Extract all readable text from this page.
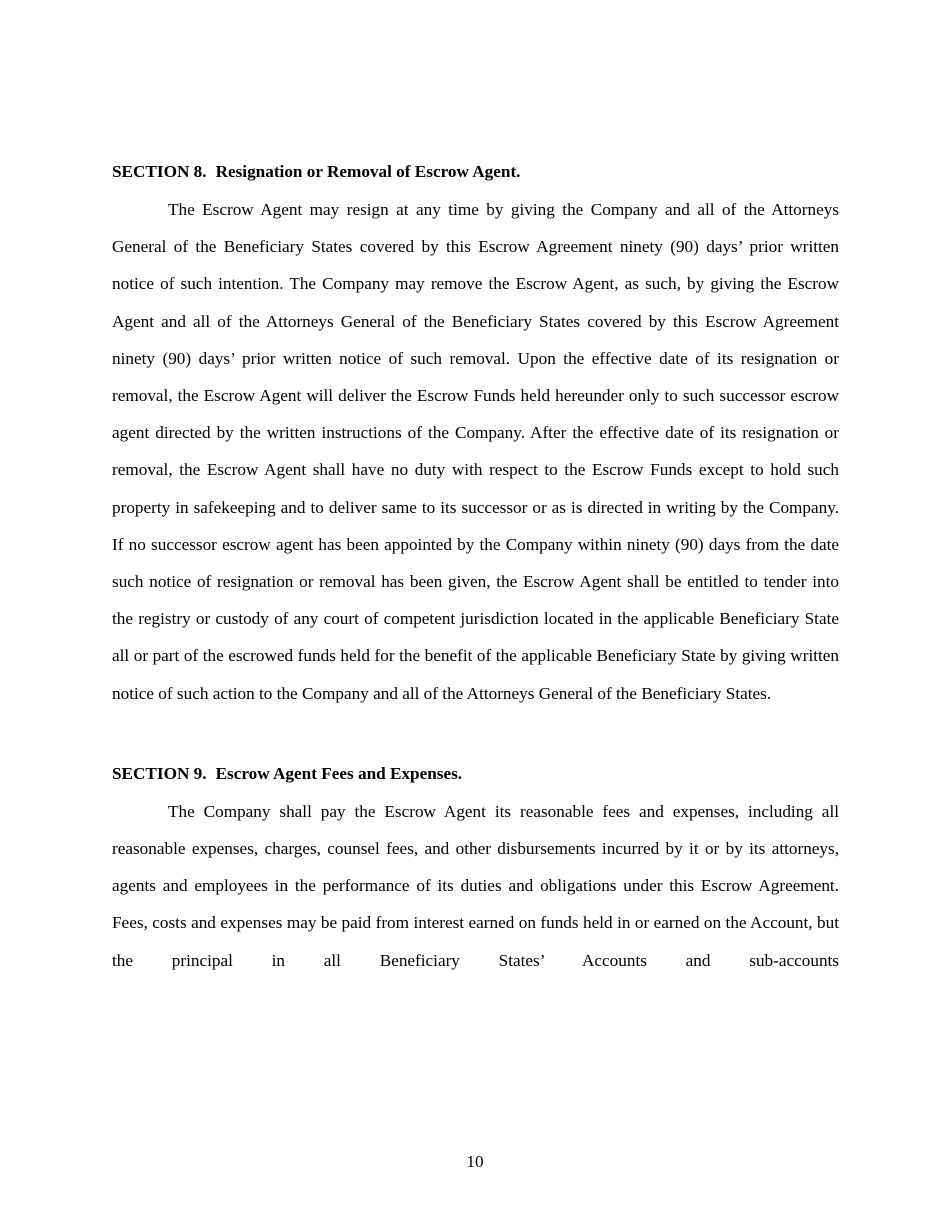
SECTION 8. Resignation or Removal of Escrow Agent.

The Escrow Agent may resign at any time by giving the Company and all of the Attorneys General of the Beneficiary States covered by this Escrow Agreement ninety (90) days’ prior written notice of such intention. The Company may remove the Escrow Agent, as such, by giving the Escrow Agent and all of the Attorneys General of the Beneficiary States covered by this Escrow Agreement ninety (90) days’ prior written notice of such removal. Upon the effective date of its resignation or removal, the Escrow Agent will deliver the Escrow Funds held hereunder only to such successor escrow agent directed by the written instructions of the Company. After the effective date of its resignation or removal, the Escrow Agent shall have no duty with respect to the Escrow Funds except to hold such property in safekeeping and to deliver same to its successor or as is directed in writing by the Company. If no successor escrow agent has been appointed by the Company within ninety (90) days from the date such notice of resignation or removal has been given, the Escrow Agent shall be entitled to tender into the registry or custody of any court of competent jurisdiction located in the applicable Beneficiary State all or part of the escrowed funds held for the benefit of the applicable Beneficiary State by giving written notice of such action to the Company and all of the Attorneys General of the Beneficiary States.

SECTION 9. Escrow Agent Fees and Expenses.

The Company shall pay the Escrow Agent its reasonable fees and expenses, including all reasonable expenses, charges, counsel fees, and other disbursements incurred by it or by its attorneys, agents and employees in the performance of its duties and obligations under this Escrow Agreement. Fees, costs and expenses may be paid from interest earned on funds held in or earned on the Account, but the principal in all Beneficiary States’ Accounts and sub-accounts

10
